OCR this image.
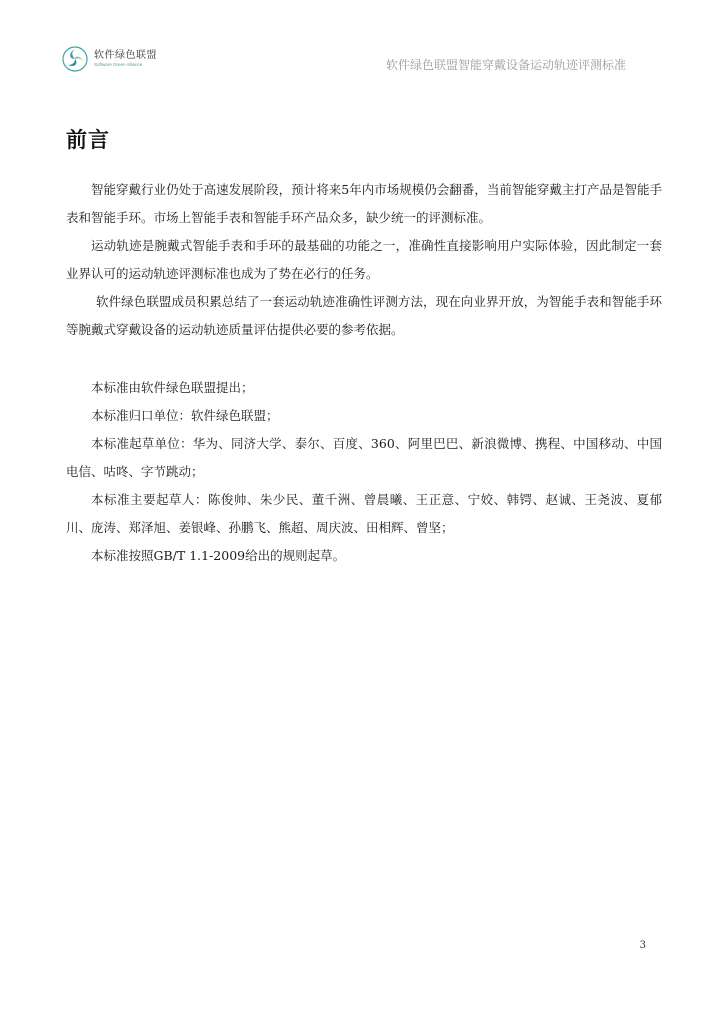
软件绿色联盟
Software Green Alliance	软件绿色联盟智能穿戴设备运动轨迹评测标准
前言

智能穿戴行业仍处于高速发展阶段，预计将来5年内市场规模仍会翻番，当前智能穿戴主打产品是智能手表和智能手环。市场上智能手表和智能手环产品众多，缺少统一的评测标准。

运动轨迹是腕戴式智能手表和手环的最基础的功能之一，准确性直接影响用户实际体验，因此制定一套业界认可的运动轨迹评测标准也成为了势在必行的任务。

软件绿色联盟成员积累总结了一套运动轨迹准确性评测方法，现在向业界开放，为智能手表和智能手环等腕戴式穿戴设备的运动轨迹质量评估提供必要的参考依据。

本标准由软件绿色联盟提出；

本标准归口单位：软件绿色联盟；

本标准起草单位：华为、同济大学、泰尔、百度、360、阿里巴巴、新浪微博、携程、中国移动、中国电信、咕咚、字节跳动；

本标准主要起草人：陈俊帅、朱少民、董千洲、曾晨曦、王正意、宁姣、韩锷、赵诚、王尧波、夏郁川、庞涛、郑泽旭、姜银峰、孙鹏飞、熊超、周庆波、田相辉、曾坚；

本标准按照GB/T 1.1-2009给出的规则起草。

3
